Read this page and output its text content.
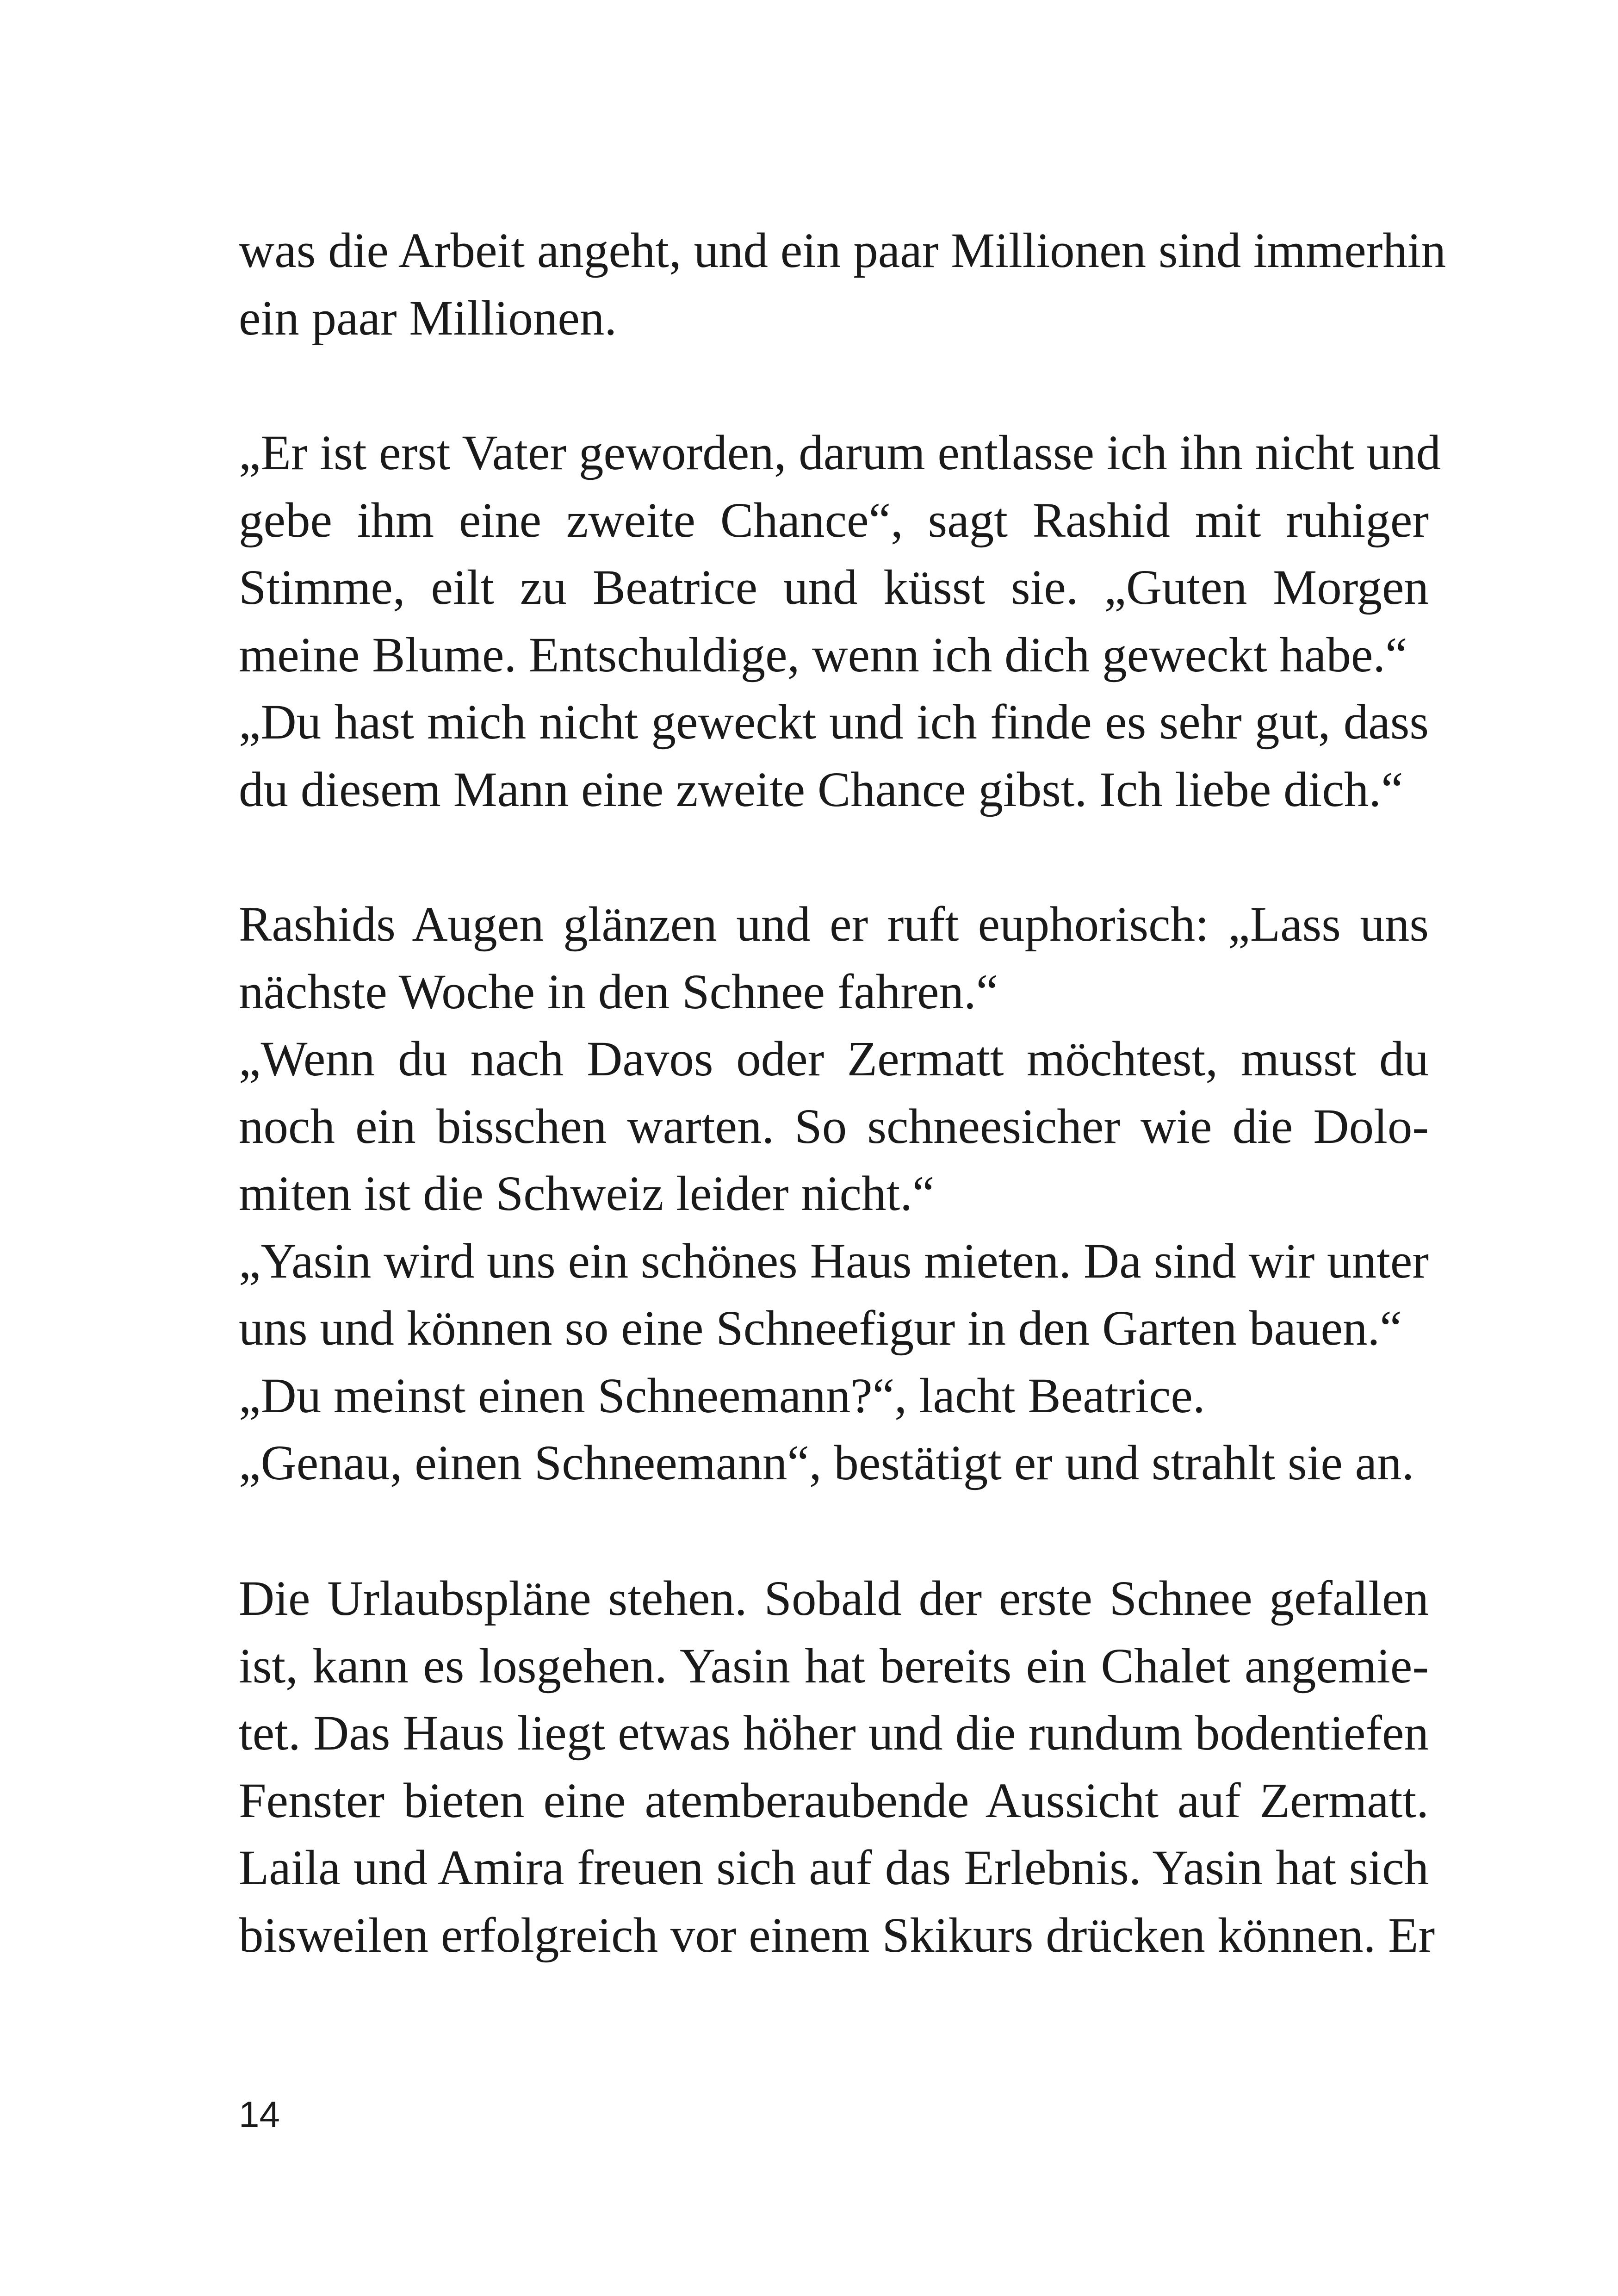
was die Arbeit angeht, und ein paar Millionen sind immerhin
ein paar Millionen.
„Er ist erst Vater geworden, darum entlasse ich ihn nicht und
gebe ihm eine zweite Chance“, sagt Rashid mit ruhiger
Stimme, eilt zu Beatrice und küsst sie. „Guten Morgen
meine Blume. Entschuldige, wenn ich dich geweckt habe.“
„Du hast mich nicht geweckt und ich finde es sehr gut, dass
du diesem Mann eine zweite Chance gibst. Ich liebe dich.“
Rashids Augen glänzen und er ruft euphorisch: „Lass uns
nächste Woche in den Schnee fahren.“
„Wenn du nach Davos oder Zermatt möchtest, musst du
noch ein bisschen warten. So schneesicher wie die Dolo-
miten ist die Schweiz leider nicht.“
„Yasin wird uns ein schönes Haus mieten. Da sind wir unter
uns und können so eine Schneefigur in den Garten bauen.“
„Du meinst einen Schneemann?“, lacht Beatrice.
„Genau, einen Schneemann“, bestätigt er und strahlt sie an.
Die Urlaubspläne stehen. Sobald der erste Schnee gefallen
ist, kann es losgehen. Yasin hat bereits ein Chalet angemie-
tet. Das Haus liegt etwas höher und die rundum bodentiefen
Fenster bieten eine atemberaubende Aussicht auf Zermatt.
Laila und Amira freuen sich auf das Erlebnis. Yasin hat sich
bisweilen erfolgreich vor einem Skikurs drücken können. Er
14
